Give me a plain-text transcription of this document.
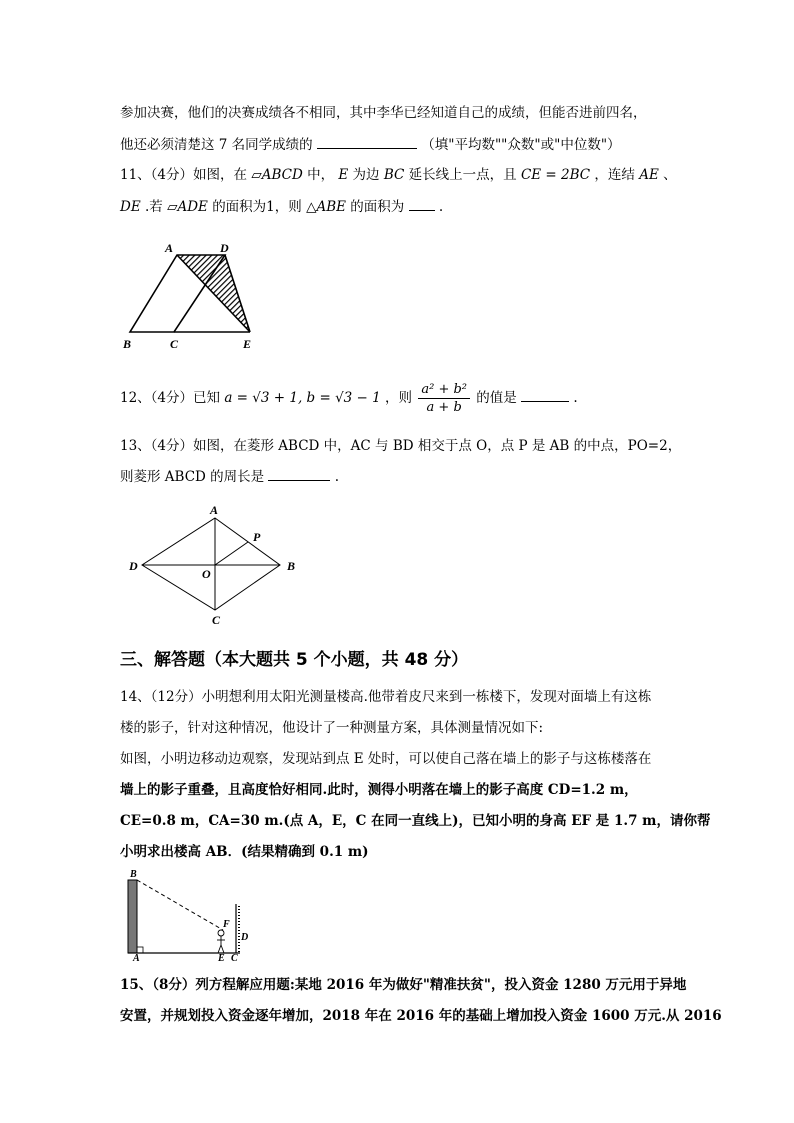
参加决赛，他们的决赛成绩各不相同，其中李华已经知道自己的成绩，但能否进前四名，
他还必须清楚这 7 名同学成绩的	（填"平均数""众数"或"中位数"）
11、（4分）如图，在 ▱ABCD 中， E 为边 BC 延长线上一点，且 CE = 2BC ，连结 AE 、
DE .若 ▱ADE 的面积为1，则 △ABE 的面积为	.
A	D
B	C	E
12、（4分）已知 a = √3 + 1, b = √3 − 1 ，则 $\frac{\text{a² + b²}}{a + b}$ 的值是	.
13、（4分）如图，在菱形 ABCD 中，AC 与 BD 相交于点 O，点 P 是 AB 的中点，PO=2，
则菱形 ABCD 的周长是	.
A
P
D
O
B
C
三、解答题（本大题共 5 个小题，共 48 分）
14、（12分）小明想利用太阳光测量楼高.他带着皮尺来到一栋楼下，发现对面墙上有这栋
楼的影子，针对这种情况，他设计了一种测量方案，具体测量情况如下:
如图，小明边移动边观察，发现站到点 E 处时，可以使自己落在墙上的影子与这栋楼落在
墙上的影子重叠，且高度恰好相同.此时，测得小明落在墙上的影子高度 CD=1.2 m，
CE=0.8 m，CA=30 m.(点 A，E，C 在同一直线上)，已知小明的身高 EF 是 1.7 m，请你帮
小明求出楼高 AB．(结果精确到 0.1 m)
B
F
D
A	E C
15、（8分）列方程解应用题:某地 2016 年为做好"精准扶贫"，投入资金 1280 万元用于异地
安置，并规划投入资金逐年增加，2018 年在 2016 年的基础上增加投入资金 1600 万元.从 2016
